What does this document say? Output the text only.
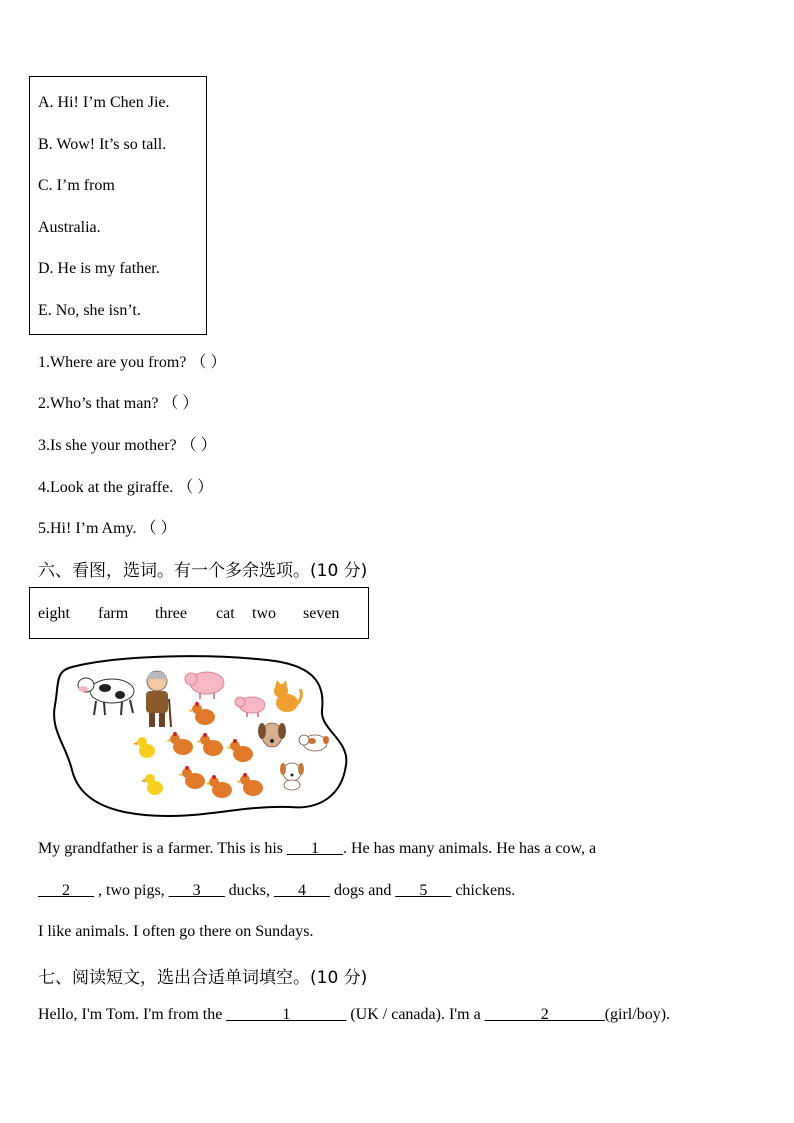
A. Hi! I’m Chen Jie.
B. Wow! It’s so tall.
C. I’m from
Australia.
D. He is my father.
E. No, she isn’t.
1.Where are you from? （ ）
2.Who’s that man? （ ）
3.Is she your mother? （ ）
4.Look at the giraffe. （ ）
5.Hi! I’m Amy. （ ）
六、看图，选词。有一个多余选项。(10 分)
eight farm three cat two seven
My grandfather is a farmer. This is his ___1___. He has many animals. He has a cow, a
___2___ , two pigs, ___3___ ducks, ___4___ dogs and ___5___ chickens.
I like animals. I often go there on Sundays.
七、阅读短文，选出合适单词填空。(10 分)
Hello, I'm Tom. I'm from the _______1_______ (UK / canada). I'm a _______2_______(girl/boy).
